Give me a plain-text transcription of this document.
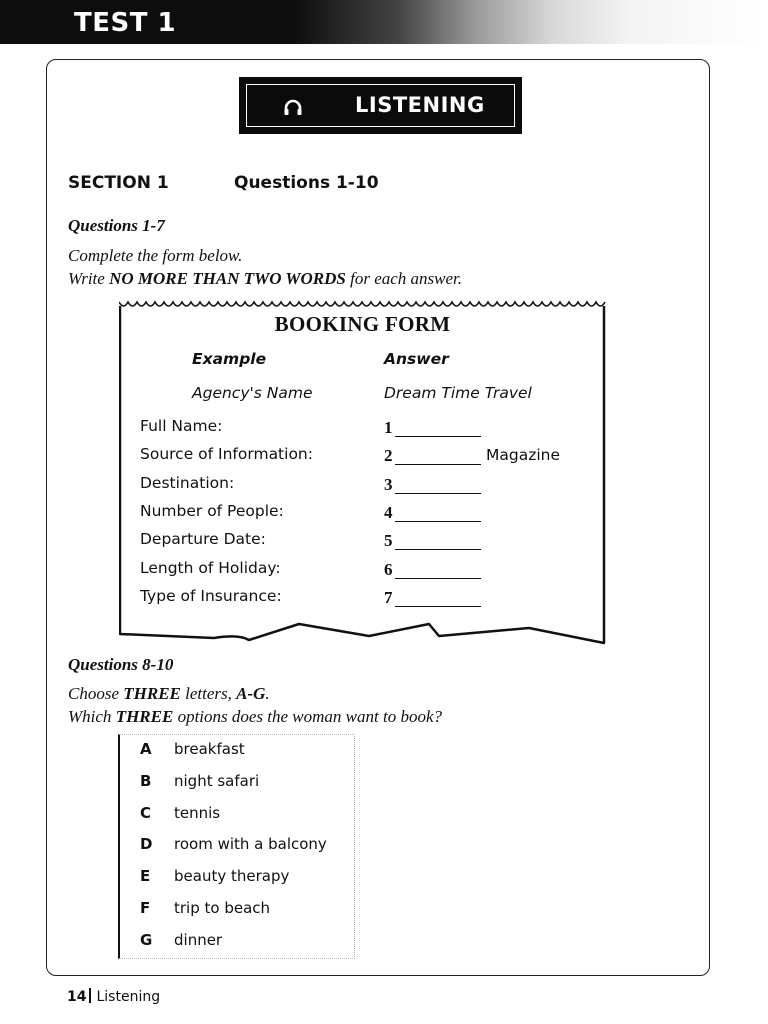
TEST 1
LISTENING
SECTION 1	Questions 1-10
Questions 1-7
Complete the form below.
Write NO MORE THAN TWO WORDS for each answer.
BOOKING FORM
Example	Answer
Agency's Name	Dream Time Travel
Full Name:	1
Source of Information:	2	Magazine
Destination:	3
Number of People:	4
Departure Date:	5
Length of Holiday:	6
Type of Insurance:	7
Questions 8-10
Choose THREE letters, A-G.
Which THREE options does the woman want to book?
A breakfast
B night safari
C tennis
D room with a balcony
E beauty therapy
F trip to beach
G dinner
14 Listening
